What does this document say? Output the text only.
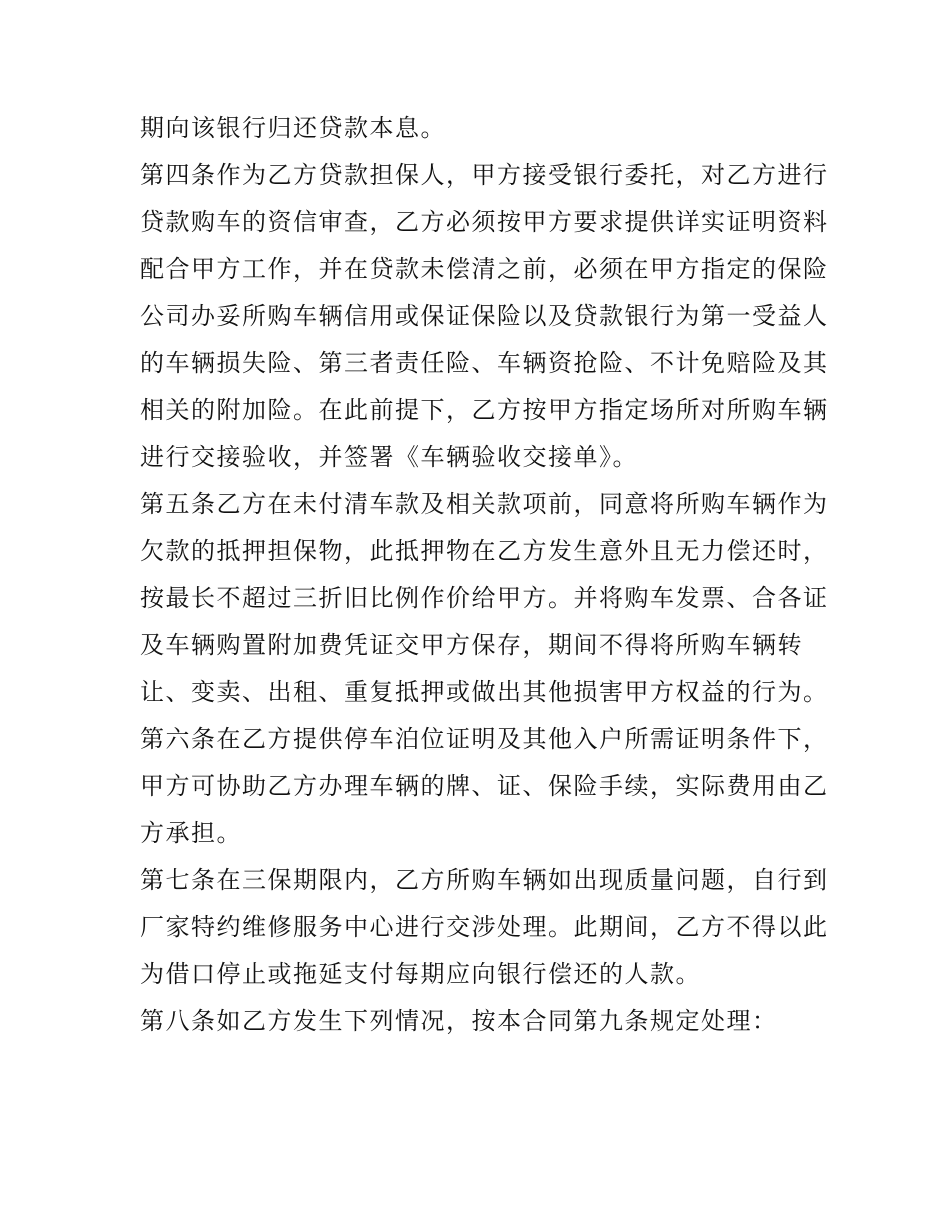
期向该银行归还贷款本息。
第四条作为乙方贷款担保人，甲方接受银行委托，对乙方进行
贷款购车的资信审查，乙方必须按甲方要求提供详实证明资料
配合甲方工作，并在贷款未偿清之前，必须在甲方指定的保险
公司办妥所购车辆信用或保证保险以及贷款银行为第一受益人
的车辆损失险、第三者责任险、车辆资抢险、不计免赔险及其
相关的附加险。在此前提下，乙方按甲方指定场所对所购车辆
进行交接验收，并签署《车辆验收交接单》。
第五条乙方在未付清车款及相关款项前，同意将所购车辆作为
欠款的抵押担保物，此抵押物在乙方发生意外且无力偿还时，
按最长不超过三折旧比例作价给甲方。并将购车发票、合各证
及车辆购置附加费凭证交甲方保存，期间不得将所购车辆转
让、变卖、出租、重复抵押或做出其他损害甲方权益的行为。
第六条在乙方提供停车泊位证明及其他入户所需证明条件下，
甲方可协助乙方办理车辆的牌、证、保险手续，实际费用由乙
方承担。
第七条在三保期限内，乙方所购车辆如出现质量问题，自行到
厂家特约维修服务中心进行交涉处理。此期间，乙方不得以此
为借口停止或拖延支付每期应向银行偿还的人款。
第八条如乙方发生下列情况，按本合同第九条规定处理：
